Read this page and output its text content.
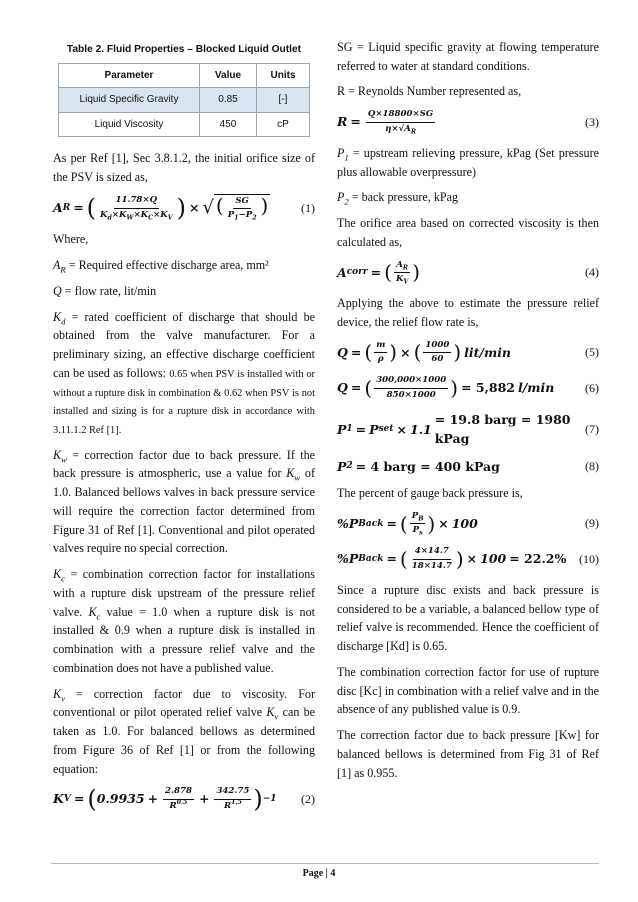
Table 2. Fluid Properties – Blocked Liquid Outlet
Parameter	Value	Units
Liquid Specific Gravity	0.85	[-]
Liquid Viscosity	450	cP

As per Ref [1], Sec 3.8.1.2, the initial orifice size of the PSV is sized as,

A R = ( $\frac{11.78\times Q}{K_d\times K_W\times K_C\times K_V}$ ) × √ ( $\frac{SG}{P_1-P_2}$ )	(1)

Where,

$A_R$ = Required effective discharge area, mm²

Q = flow rate, lit/min

$K_d$ = rated coefficient of discharge that should be obtained from the valve manufacturer. For a preliminary sizing, an effective discharge coefficient can be used as follows: 0.65 when PSV is installed with or without a rupture disk in combination & 0.62 when PSV is not installed and sizing is for a rupture disk in accordance with 3.11.1.2 Ref [1].

$K_w$ = correction factor due to back pressure. If the back pressure is atmospheric, use a value for $K_w$ of 1.0. Balanced bellows valves in back pressure service will require the correction factor determined from Figure 31 of Ref [1]. Conventional and pilot operated valves require no special correction.

$K_c$ = combination correction factor for installations with a rupture disk upstream of the pressure relief valve. $K_c$ value = 1.0 when a rupture disk is not installed & 0.9 when a rupture disk is installed in combination with a pressure relief valve and the combination does not have a published value.

$K_v$ = correction factor due to viscosity. For conventional or pilot operated relief valve $K_v$ can be taken as 1.0. For balanced bellows as determined from Figure 36 of Ref [1] or from the following equation:

K V = ( $0.9935 + \frac{2.878}{R^{0.5}} + \frac{342.75}{R^{1.5}}$ ) −1 (2)

SG = Liquid specific gravity at flowing temperature referred to water at standard conditions.

R = Reynolds Number represented as,

$R = \frac{Q\times 18800\times SG}{\eta\times√A_R}$	(3)

$P_1$ = upstream relieving pressure, kPag (Set pressure plus allowable overpressure)

$P_2$ = back pressure, kPag

The orifice area based on corrected viscosity is then calculated as,

A corr = ( $\frac{A_R}{K_V}$ )	(4)

Applying the above to estimate the pressure relief device, the relief flow rate is,

Q = ( $\frac{m}{\rho}$ ) × ( $\frac{1000}{60}$ ) lit/min	(5)
Q = ( $\frac{300,000\times 1000}{850\times 1000}$ ) = 5,882 l/min	(6)
P 1 = P set × 1.1
= 19.8 barg = 1980 kPag
(7)
P 2 = 4 barg = 400 kPag	(8)

The percent of gauge back pressure is,

%P Back = ( $\frac{P_B}{P_s}$ ) × 100	(9)
%P Back = ( $\frac{4\times 14.7}{18\times 14.7}$ ) × 100 = 22.2% (10)

Since a rupture disc exists and back pressure is considered to be a variable, a balanced bellow type of relief valve is recommended. Hence the coefficient of discharge [Kd] is 0.65.

The combination correction factor for use of rupture disc [Kc] in combination with a relief valve and in the absence of any published value is 0.9.

The correction factor due to back pressure [Kw] for balanced bellows is determined from Fig 31 of Ref [1] as 0.955.

Page | 4
